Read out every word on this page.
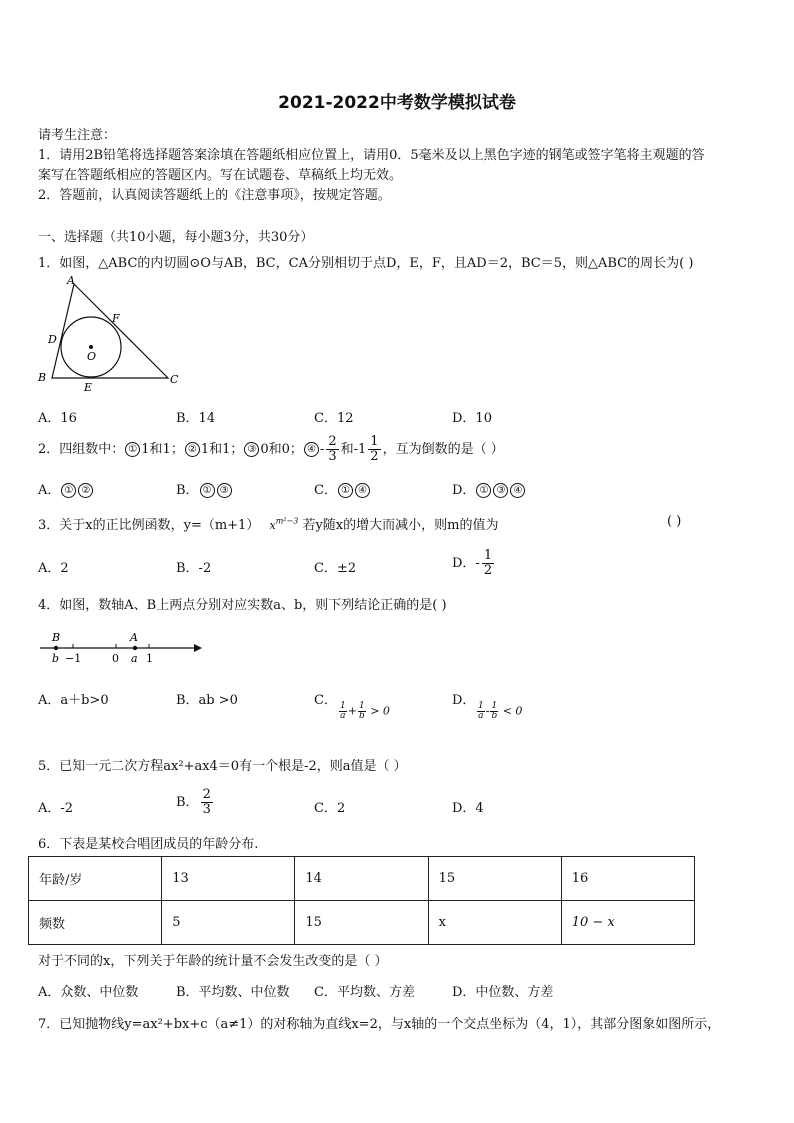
2021-2022中考数学模拟试卷
请考生注意：
1．请用2B铅笔将选择题答案涂填在答题纸相应位置上，请用0．5毫米及以上黑色字迹的钢笔或签字笔将主观题的答
案写在答题纸相应的答题区内。写在试题卷、草稿纸上均无效。
2．答题前，认真阅读答题纸上的《注意事项》，按规定答题。
一、选择题（共10小题，每小题3分，共30分）
1．如图，△ABC的内切圆⊙O与AB，BC，CA分别相切于点D，E，F，且AD＝2，BC＝5，则△ABC的周长为( )
A
D
F
O
B
E
C
A．16	B．14	C．12	D．10
2．四组数中： ① 1和1； ② 1和1； ③ 0和0； ④ - $\frac{2}{3}$ 和$-1 \frac{1}{2}$ ，互为倒数的是（ ）
A． ① ②	B． ① ③	C． ① ④	D． ① ③ ④
3．关于x的正比例函数，y=（m+1） $x^{m^2-3}$ 若y随x的增大而减小，则m的值为	( )
A．2	B．-2	C．±2	D．- $\frac{1}{2}$
4．如图，数轴A、B上两点分别对应实数a、b，则下列结论正确的是( )
B	A
b −1	0 a 1
A．a＋b>0	B．ab >0	C．
$\frac{1}{a} + \frac{1}{b} > 0$
D．
$\frac{1}{a} - \frac{1}{b} < 0$
5．已知一元二次方程ax²+ax4＝0有一个根是-2，则a值是（ ）
A．-2	B． $\frac{2}{3}$	C．2	D．4
6．下表是某校合唱团成员的年龄分布.
年龄/岁	13	14	15	16
频数	5	15	x	10 − x
对于不同的x，下列关于年龄的统计量不会发生改变的是（ ）
A．众数、中位数	B．平均数、中位数 C．平均数、方差	D．中位数、方差
7．已知抛物线y=ax²+bx+c（a≠1）的对称轴为直线x=2，与x轴的一个交点坐标为（4，1），其部分图象如图所示，
